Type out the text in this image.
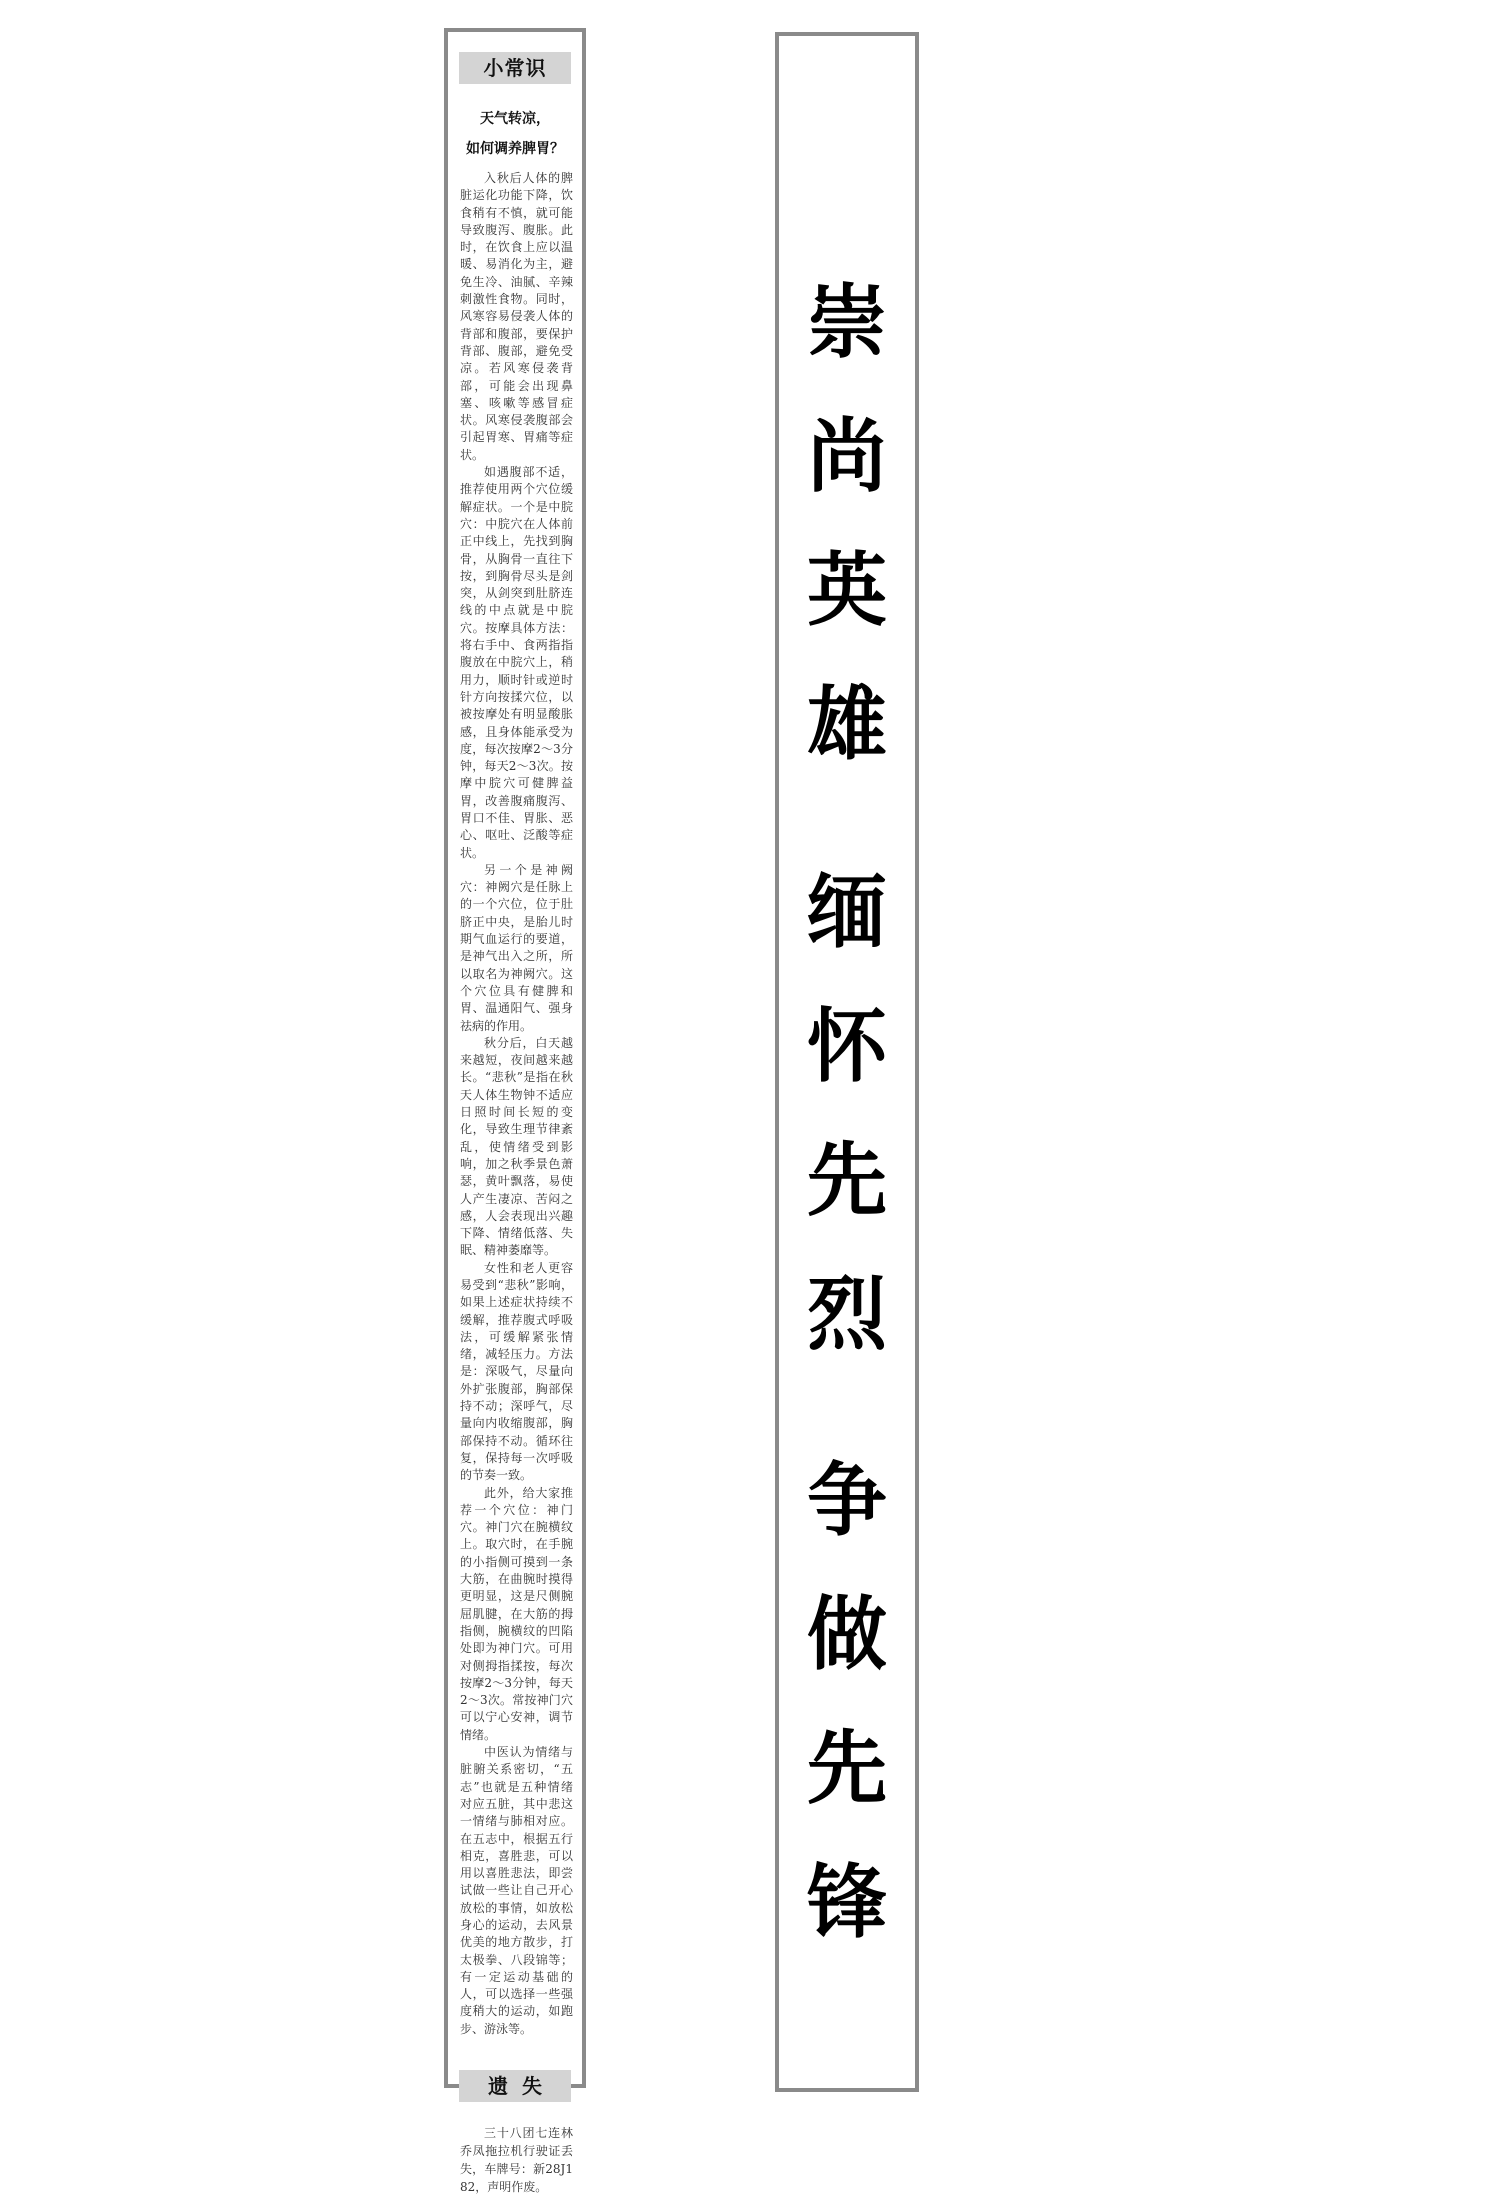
小常识
天气转凉，
如何调养脾胃？

入秋后人体的脾脏运化功能下降，饮食稍有不慎，就可能导致腹泻、腹胀。此时，在饮食上应以温暖、易消化为主，避免生冷、油腻、辛辣刺激性食物。同时，风寒容易侵袭人体的背部和腹部，要保护背部、腹部，避免受凉。若风寒侵袭背部，可能会出现鼻塞、咳嗽等感冒症状。风寒侵袭腹部会引起胃寒、胃痛等症状。

如遇腹部不适，推荐使用两个穴位缓解症状。一个是中脘穴：中脘穴在人体前正中线上，先找到胸骨，从胸骨一直往下按，到胸骨尽头是剑突，从剑突到肚脐连线的中点就是中脘穴。按摩具体方法：将右手中、食两指指腹放在中脘穴上，稍用力，顺时针或逆时针方向按揉穴位，以被按摩处有明显酸胀感，且身体能承受为度，每次按摩2～3分钟，每天2～3次。按摩中脘穴可健脾益胃，改善腹痛腹泻、胃口不佳、胃胀、恶心、呕吐、泛酸等症状。

另一个是神阙穴：神阙穴是任脉上的一个穴位，位于肚脐正中央，是胎儿时期气血运行的要道，是神气出入之所，所以取名为神阙穴。这个穴位具有健脾和胃、温通阳气、强身祛病的作用。

秋分后，白天越来越短，夜间越来越长。“悲秋”是指在秋天人体生物钟不适应日照时间长短的变化，导致生理节律紊乱，使情绪受到影响，加之秋季景色萧瑟，黄叶飘落，易使人产生凄凉、苦闷之感，人会表现出兴趣下降、情绪低落、失眠、精神萎靡等。

女性和老人更容易受到“悲秋”影响，如果上述症状持续不缓解，推荐腹式呼吸法，可缓解紧张情绪，减轻压力。方法是：深吸气，尽量向外扩张腹部，胸部保持不动；深呼气，尽量向内收缩腹部，胸部保持不动。循环往复，保持每一次呼吸的节奏一致。

此外，给大家推荐一个穴位：神门穴。神门穴在腕横纹上。取穴时，在手腕的小指侧可摸到一条大筋，在曲腕时摸得更明显，这是尺侧腕屈肌腱，在大筋的拇指侧，腕横纹的凹陷处即为神门穴。可用对侧拇指揉按，每次按摩2～3分钟，每天2～3次。常按神门穴可以宁心安神，调节情绪。

中医认为情绪与脏腑关系密切，“五志”也就是五种情绪对应五脏，其中悲这一情绪与肺相对应。在五志中，根据五行相克，喜胜悲，可以用以喜胜悲法，即尝试做一些让自己开心放松的事情，如放松身心的运动，去风景优美的地方散步，打太极拳、八段锦等；有一定运动基础的人，可以选择一些强度稍大的运动，如跑步、游泳等。

遗失

三十八团七连林乔凤拖拉机行驶证丢失，车牌号：新28J182，声明作废。

崇
尚
英
雄
缅
怀
先
烈
争
做
先
锋
